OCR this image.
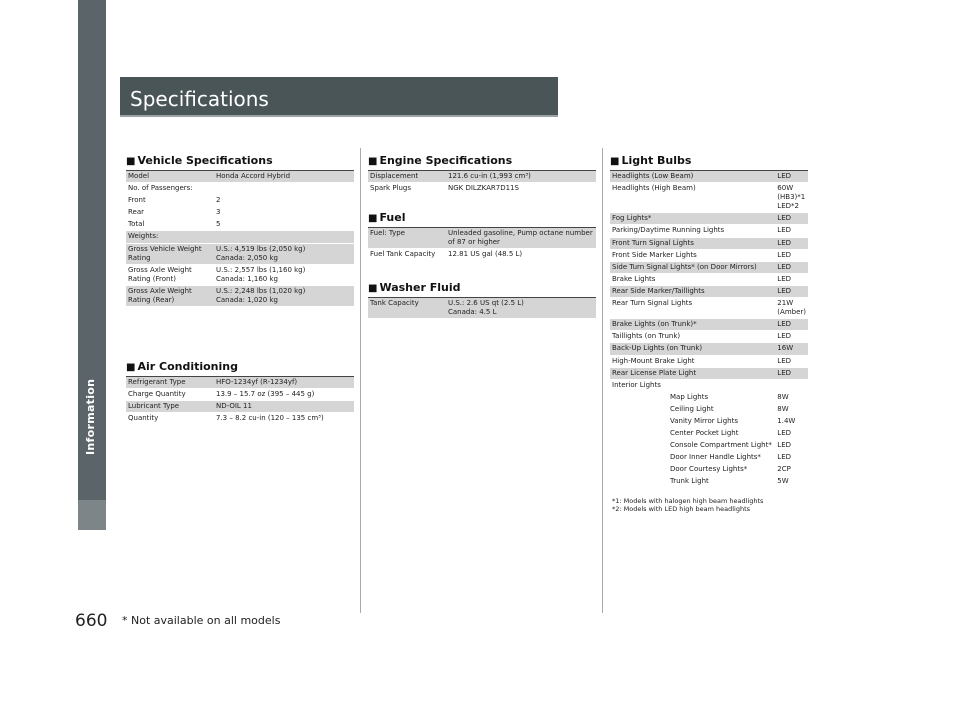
Information
Specifications
■ Vehicle Specifications
Model	Honda Accord Hybrid
No. of Passengers:	
Front	2
Rear	3
Total	5
Weights:	
Gross Vehicle Weight Rating	U.S.: 4,519 lbs (2,050 kg)
Canada: 2,050 kg
Gross Axle Weight Rating (Front)	U.S.: 2,557 lbs (1,160 kg)
Canada: 1,160 kg
Gross Axle Weight Rating (Rear)	U.S.: 2,248 lbs (1,020 kg)
Canada: 1,020 kg
■ Air Conditioning
Refrigerant Type	HFO-1234yf (R-1234yf)
Charge Quantity	13.9 – 15.7 oz (395 – 445 g)
Lubricant Type	ND-OIL 11
Quantity	7.3 – 8.2 cu-in (120 – 135 cm³)
■ Engine Specifications
Displacement	121.6 cu-in (1,993 cm³)
Spark Plugs	NGK DILZKAR7D11S
■ Fuel
Fuel: Type	Unleaded gasoline, Pump octane number of 87 or higher
Fuel Tank Capacity	12.81 US gal (48.5 L)
■ Washer Fluid
Tank Capacity	U.S.: 2.6 US qt (2.5 L)
Canada: 4.5 L
■ Light Bulbs
Headlights (Low Beam)	LED
Headlights (High Beam)	60W (HB3)*1
LED*2
Fog Lights*	LED
Parking/Daytime Running Lights	LED
Front Turn Signal Lights	LED
Front Side Marker Lights	LED
Side Turn Signal Lights* (on Door Mirrors)	LED
Brake Lights	LED
Rear Side Marker/Taillights	LED
Rear Turn Signal Lights	21W (Amber)
Brake Lights (on Trunk)*	LED
Taillights (on Trunk)	LED
Back-Up Lights (on Trunk)	16W
High-Mount Brake Light	LED
Rear License Plate Light	LED
Interior Lights	
Map Lights	8W
Ceiling Light	8W
Vanity Mirror Lights	1.4W
Center Pocket Light	LED
Console Compartment Light*	LED
Door Inner Handle Lights*	LED
Door Courtesy Lights*	2CP
Trunk Light	5W
*1: Models with halogen high beam headlights
*2: Models with LED high beam headlights
660 * Not available on all models
